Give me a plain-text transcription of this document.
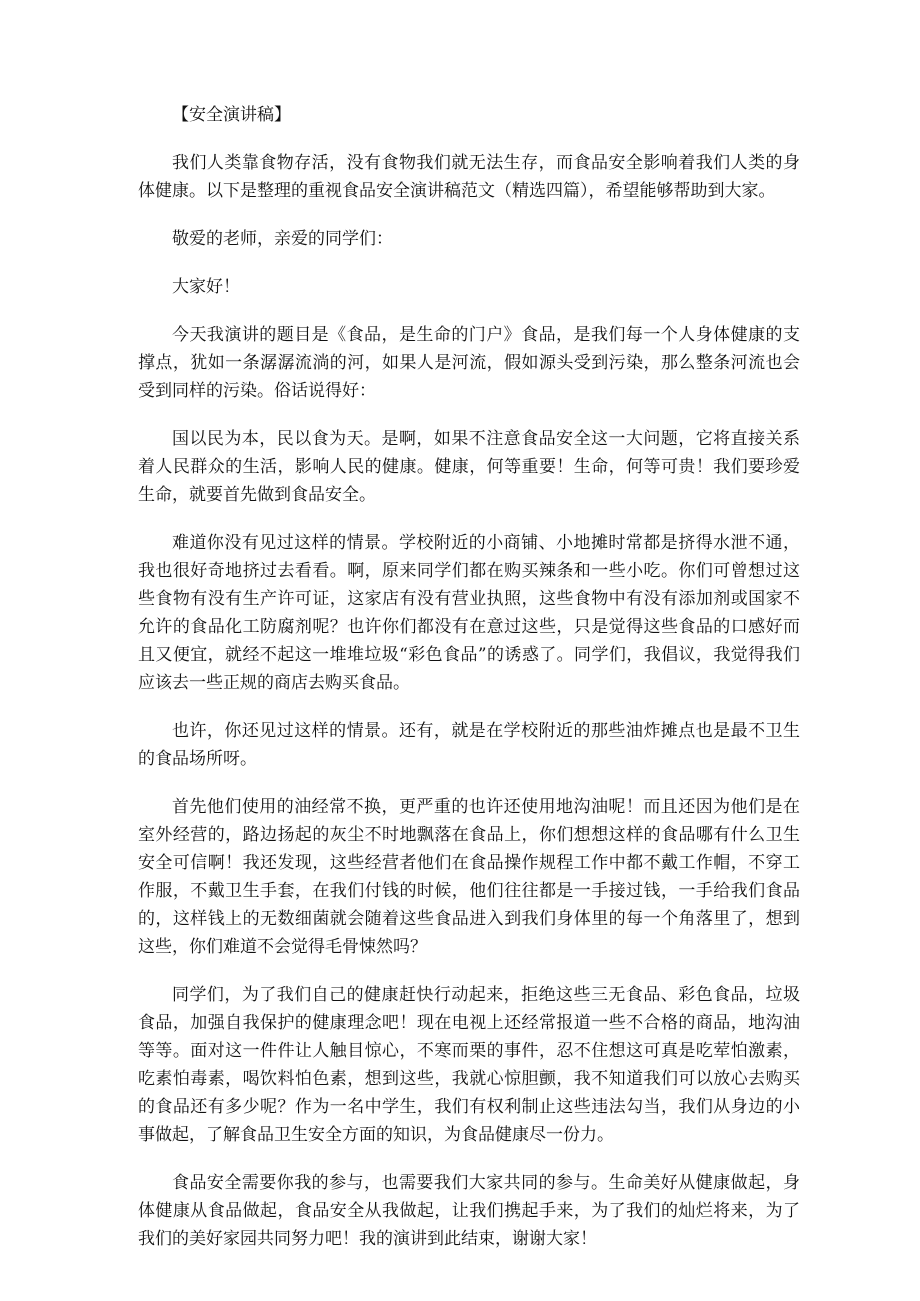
【安全演讲稿】

我们人类靠食物存活，没有食物我们就无法生存，而食品安全影响着我们人类的身体健康。以下是整理的重视食品安全演讲稿范文（精选四篇），希望能够帮助到大家。

敬爱的老师，亲爱的同学们：

大家好！

今天我演讲的题目是《食品，是生命的门户》食品，是我们每一个人身体健康的支撑点，犹如一条潺潺流淌的河，如果人是河流，假如源头受到污染，那么整条河流也会受到同样的污染。俗话说得好：

国以民为本，民以食为天。是啊，如果不注意食品安全这一大问题，它将直接关系着人民群众的生活，影响人民的健康。健康，何等重要！生命，何等可贵！我们要珍爱生命，就要首先做到食品安全。

难道你没有见过这样的情景。学校附近的小商铺、小地摊时常都是挤得水泄不通，我也很好奇地挤过去看看。啊，原来同学们都在购买辣条和一些小吃。你们可曾想过这些食物有没有生产许可证，这家店有没有营业执照，这些食物中有没有添加剂或国家不允许的食品化工防腐剂呢？也许你们都没有在意过这些，只是觉得这些食品的口感好而且又便宜，就经不起这一堆堆垃圾“彩色食品”的诱惑了。同学们，我倡议，我觉得我们应该去一些正规的商店去购买食品。

也许，你还见过这样的情景。还有，就是在学校附近的那些油炸摊点也是最不卫生的食品场所呀。

首先他们使用的油经常不换，更严重的也许还使用地沟油呢！而且还因为他们是在室外经营的，路边扬起的灰尘不时地飘落在食品上，你们想想这样的食品哪有什么卫生安全可信啊！我还发现，这些经营者他们在食品操作规程工作中都不戴工作帽，不穿工作服，不戴卫生手套，在我们付钱的时候，他们往往都是一手接过钱，一手给我们食品的，这样钱上的无数细菌就会随着这些食品进入到我们身体里的每一个角落里了，想到这些，你们难道不会觉得毛骨悚然吗？

同学们，为了我们自己的健康赶快行动起来，拒绝这些三无食品、彩色食品，垃圾食品，加强自我保护的健康理念吧！现在电视上还经常报道一些不合格的商品，地沟油等等。面对这一件件让人触目惊心，不寒而栗的事件，忍不住想这可真是吃荤怕激素，吃素怕毒素，喝饮料怕色素，想到这些，我就心惊胆颤，我不知道我们可以放心去购买的食品还有多少呢？作为一名中学生，我们有权利制止这些违法勾当，我们从身边的小事做起，了解食品卫生安全方面的知识，为食品健康尽一份力。

食品安全需要你我的参与，也需要我们大家共同的参与。生命美好从健康做起，身体健康从食品做起，食品安全从我做起，让我们携起手来，为了我们的灿烂将来，为了我们的美好家园共同努力吧！我的演讲到此结束，谢谢大家！
